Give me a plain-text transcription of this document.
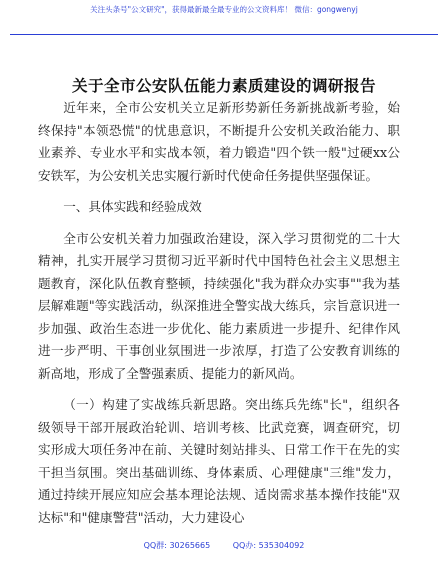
关注头条号"公文研究"，获得最新最全最专业的公文资料库！ 微信：gongwenyj
关于全市公安队伍能力素质建设的调研报告

近年来，全市公安机关立足新形势新任务新挑战新考验，始终保持"本领恐慌"的忧患意识，不断提升公安机关政治能力、职业素养、专业水平和实战本领，着力锻造"四个铁一般"过硬xx公安铁军，为公安机关忠实履行新时代使命任务提供坚强保证。

一、具体实践和经验成效

全市公安机关着力加强政治建设，深入学习贯彻党的二十大精神，扎实开展学习贯彻习近平新时代中国特色社会主义思想主题教育，深化队伍教育整顿，持续强化"我为群众办实事""我为基层解难题"等实践活动，纵深推进全警实战大练兵，宗旨意识进一步加强、政治生态进一步优化、能力素质进一步提升、纪律作风进一步严明、干事创业氛围进一步浓厚，打造了公安教育训练的新高地，形成了全警强素质、提能力的新风尚。

（一）构建了实战练兵新思路。突出练兵先练"长"，组织各级领导干部开展政治轮训、培训考核、比武竞赛，调查研究，切实形成大项任务冲在前、关键时刻站排头、日常工作干在先的实干担当氛围。突出基础训练、身体素质、心理健康"三维"发力，通过持续开展应知应会基本理论法规、适岗需求基本操作技能"双达标"和"健康警营"活动，大力建设心

QQ群: 30265665	QQ办: 535304092
